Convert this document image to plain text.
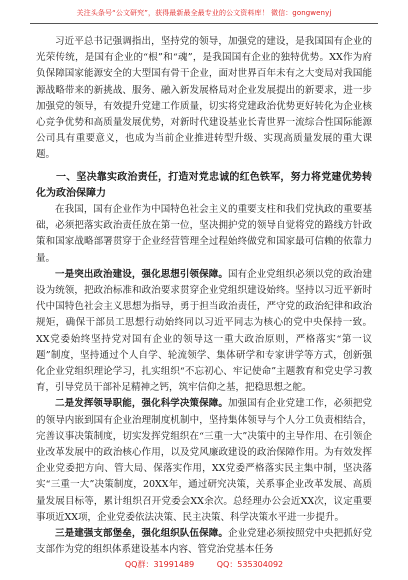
关注头条号“公文研究”，获得最新最全最专业的公文资料库！ 微信：gongwenyj

习近平总书记强调指出，坚持党的领导，加强党的建设，是我国国有企业的光荣传统，是国有企业的“根”和“魂”，是我国国有企业的独特优势。XX作为府负保障国家能源安全的大型国有骨干企业，面对世界百年未有之大变局对我国能源战略带来的新挑战、服务、融入新发展格局对企业发展提出的新要求，进一步加强党的领导，有效提升党建工作质量，切实将党建政治优势更好转化为企业核心竞争优势和高质量发展优势，对新时代建设基业长青世界一流综合性国际能源公司具有重要意义，也成为当前企业推进转型升级、实现高质量发展的重大课题。

一、坚决靠实政治责任，打造对党忠诚的红色铁军，努力将党建优势转化为政治保障力

在我国，国有企业作为中国特色社会主义的重要支柱和我们党执政的重要基础，必须把落实政治责任放在第一位，坚决拥护党的领导自觉将党的路线方针政策和国家战略部署贯穿于企业经营管理全过程始终做党和国家最可信赖的依靠力量。

一是突出政治建设，强化思想引领保障。国有企业党组织必须以党的政治建设为统领，把政治标准和政治要求贯穿企业党组织建设始终。坚持以习近平新时代中国特色社会主义思想为指导，勇于担当政治责任，严守党的政治纪律和政治规矩，确保干部员工思想行动始终同以习近平同志为核心的党中央保持一致。XX党委始终坚持党对国有企业的领导这一重大政治原则，严格落实“第一议题”制度，坚持通过个人自学、轮流领学、集体研学和专家讲学等方式，创新强化企业党组织理论学习，扎实组织“不忘初心、牢记使命”主题教育和党史学习教育，引导党员干部补足精神之钙，筑牢信仰之基，把稳思想之舵。

二是发挥领导职能，强化科学决策保障。加强国有企业党建工作，必须把党的领导内嵌到国有企业治理制度机制中，坚持集体领导与个人分工负责相结合，完善议事决策制度，切实发挥党组织在“三重一大”决策中的主导作用、在引领企业改革发展中的政治核心作用，以及党风廉政建设的政治保障作用。为有效发挥企业党委把方向、管大局、保落实作用，XX党委严格落实民主集中制，坚决落实“三重一大”决策制度，20XX年，通过研究决策，关系事企业改革发展、高质量发展目标等，累计组织召开党委会XX余次。总经理办公会近XX次，议定重要事项近XX项，企业党委依法决策、民主决策、科学决策水平进一步提升。

三是建强支部堡垒，强化组织队伍保障。企业党建必须按照党中央把抓好党支部作为党的组织体系建设基本内容、管党治党基本任务

QQ群：31991489	QQ：535304092
